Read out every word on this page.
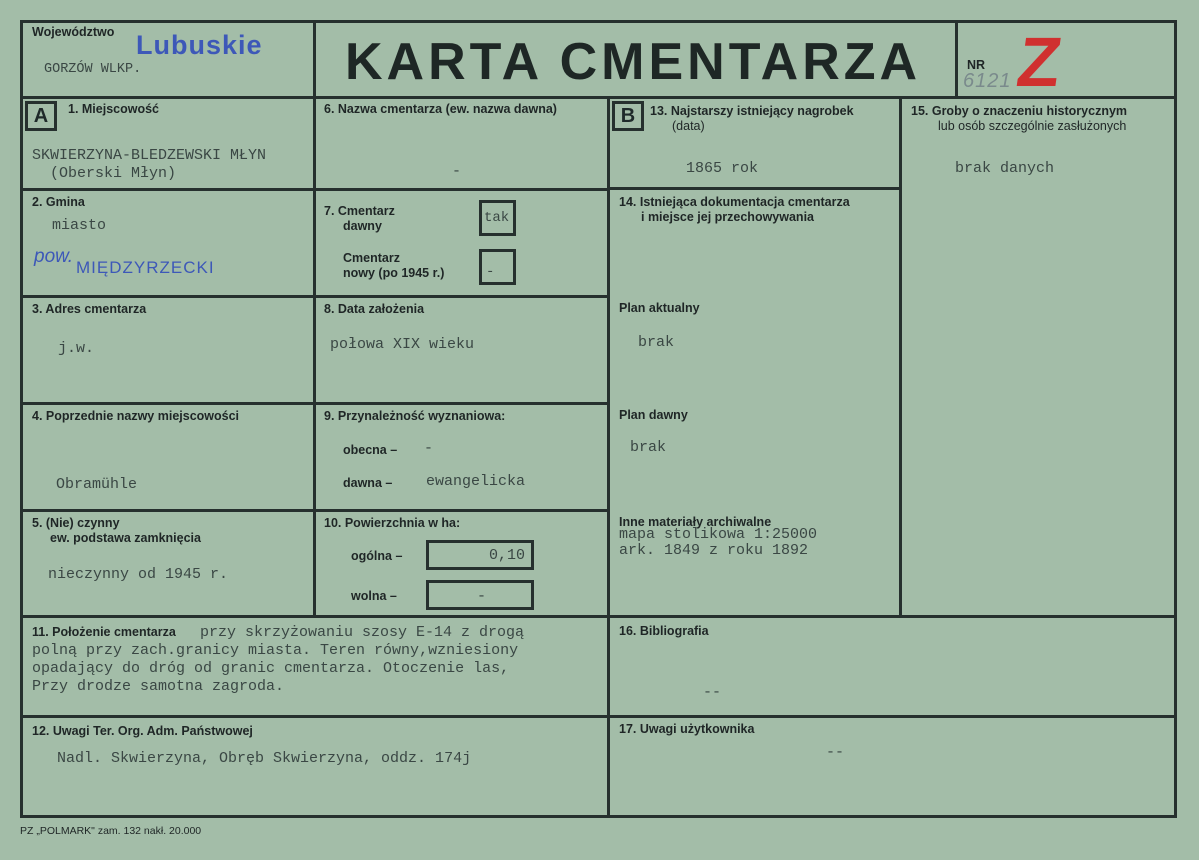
Województwo Lubuskie
GORZÓW WLKP.	KARTA CMENTARZA	NR
6121 Z
A	B
1. Miejscowość
SKWIERZYNA-BLEDZEWSKI MŁYN
(Oberski Młyn)
2. Gmina
miasto
pow.
MIĘDZYRZECKI
3. Adres cmentarza
j.w.
4. Poprzednie nazwy miejscowości
Obramühle
5. (Nie) czynny
ew. podstawa zamknięcia
nieczynny od 1945 r.
6. Nazwa cmentarza (ew. nazwa dawna)
-
7. Cmentarz
dawny	tak
Cmentarz
nowy (po 1945 r.)	-
8. Data założenia
połowa XIX wieku
9. Przynależność wyznaniowa:
obecna – -
dawna – ewangelicka
10. Powierzchnia w ha:
ogólna –	0,10
wolna –	-
13. Najstarszy istniejący nagrobek
(data)
1865 rok
14. Istniejąca dokumentacja cmentarza
i miejsce jej przechowywania
Plan aktualny
brak
Plan dawny
brak
Inne materiały archiwalne
mapa stolikowa 1:25000
ark. 1849 z roku 1892
15. Groby o znaczeniu historycznym
lub osób szczególnie zasłużonych
brak danych
11. Położenie cmentarza przy skrzyżowaniu szosy E-14 z drogą
polną przy zach.granicy miasta. Teren równy,wzniesiony
opadający do dróg od granic cmentarza. Otoczenie las,
Przy drodze samotna zagroda.
16. Bibliografia
--
12. Uwagi Ter. Org. Adm. Państwowej
Nadl. Skwierzyna, Obręb Skwierzyna, oddz. 174j
17. Uwagi użytkownika
--
PZ „POLMARK" zam. 132 nakł. 20.000
